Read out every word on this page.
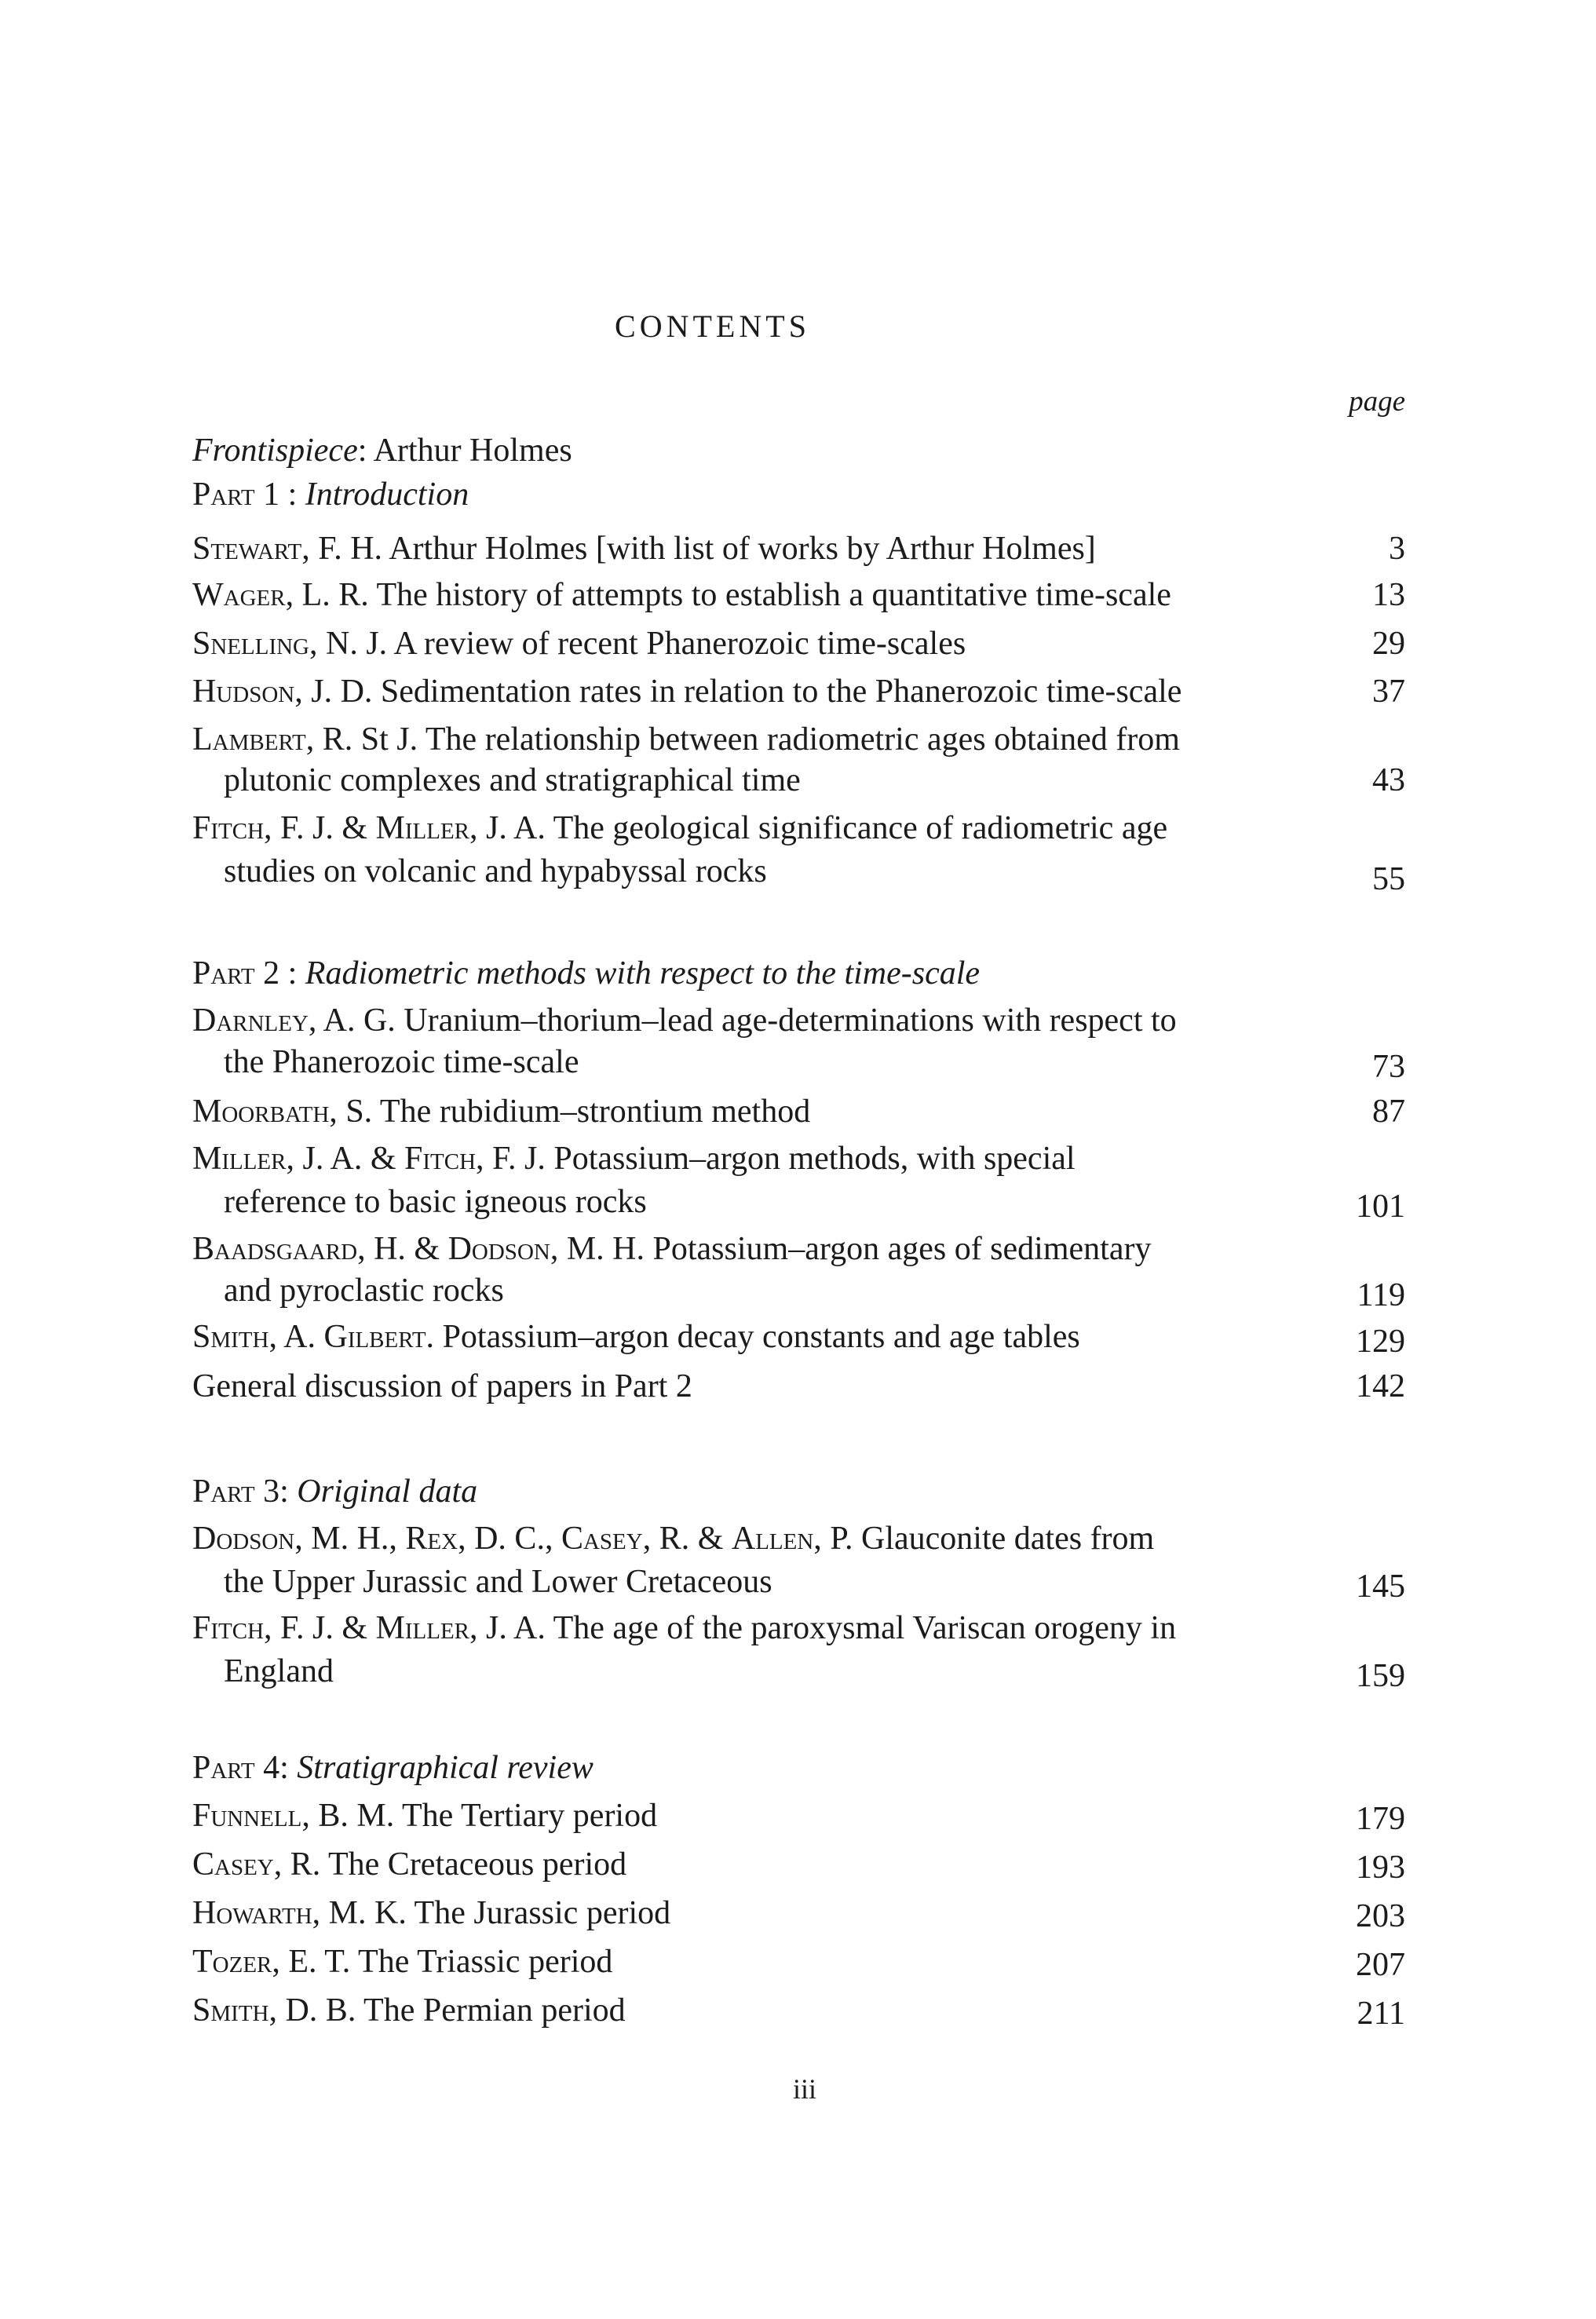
CONTENTS
page
Frontispiece: Arthur Holmes
Part 1 : Introduction
Stewart, F. H. Arthur Holmes [with list of works by Arthur Holmes]	3
Wager, L. R. The history of attempts to establish a quantitative time-scale	13
Snelling, N. J. A review of recent Phanerozoic time-scales	29
Hudson, J. D. Sedimentation rates in relation to the Phanerozoic time-scale	37
Lambert, R. St J. The relationship between radiometric ages obtained from
plutonic complexes and stratigraphical time	43
Fitch, F. J. & Miller, J. A. The geological significance of radiometric age
studies on volcanic and hypabyssal rocks	55
Part 2 : Radiometric methods with respect to the time-scale
Darnley, A. G. Uranium–thorium–lead age-determinations with respect to
the Phanerozoic time-scale	73
Moorbath, S. The rubidium–strontium method	87
Miller, J. A. & Fitch, F. J. Potassium–argon methods, with special
reference to basic igneous rocks	101
Baadsgaard, H. & Dodson, M. H. Potassium–argon ages of sedimentary
and pyroclastic rocks	119
Smith, A. Gilbert. Potassium–argon decay constants and age tables	129
General discussion of papers in Part 2	142
Part 3: Original data
Dodson, M. H., Rex, D. C., Casey, R. & Allen, P. Glauconite dates from
the Upper Jurassic and Lower Cretaceous	145
Fitch, F. J. & Miller, J. A. The age of the paroxysmal Variscan orogeny in
England	159
Part 4: Stratigraphical review
Funnell, B. M. The Tertiary period	179
Casey, R. The Cretaceous period	193
Howarth, M. K. The Jurassic period	203
Tozer, E. T. The Triassic period	207
Smith, D. B. The Permian period	211
iii
